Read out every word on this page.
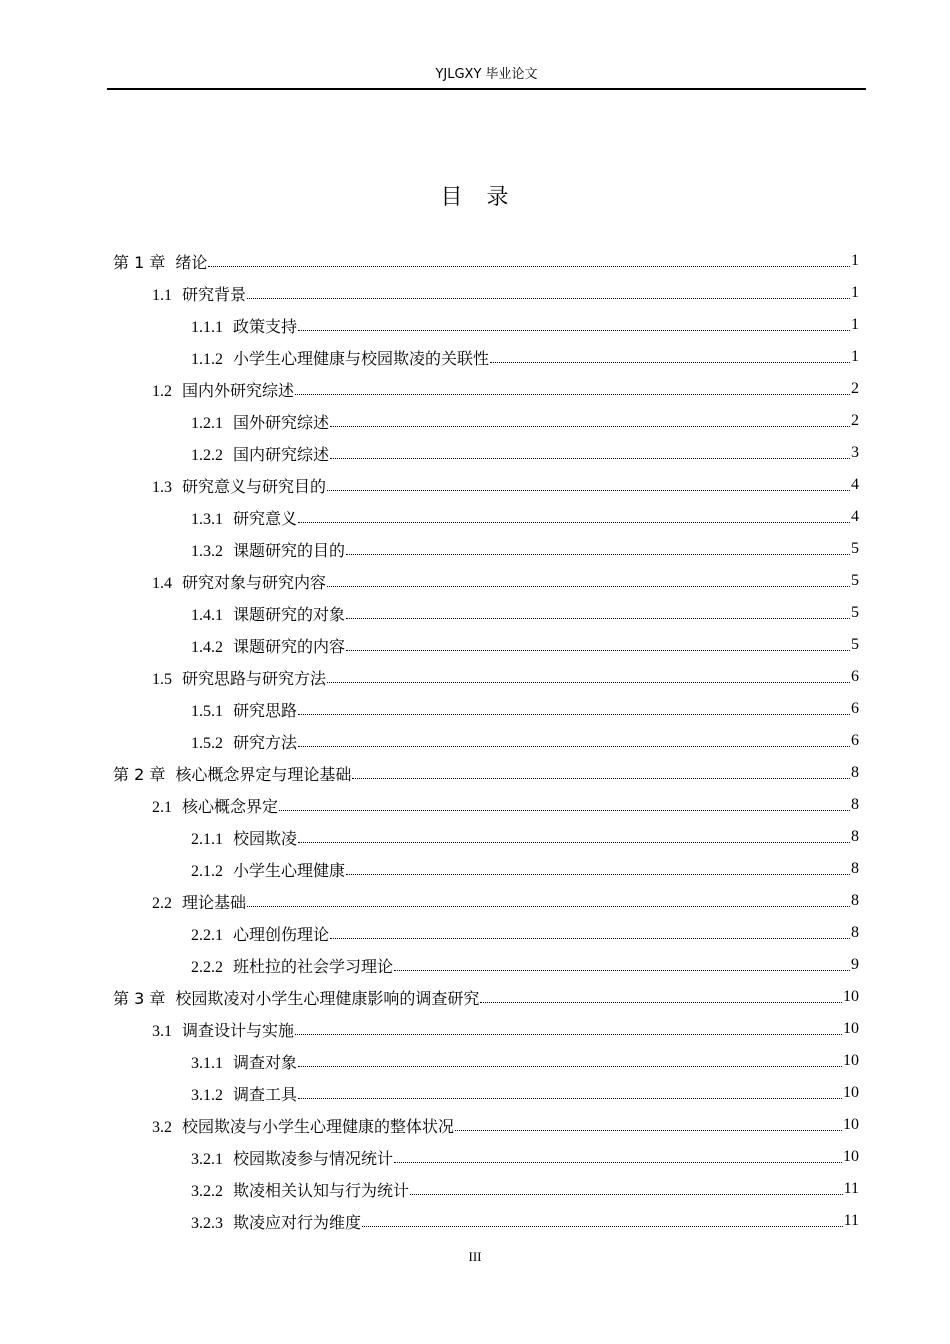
YJLGXY 毕业论文
目　录
第 1 章 绪论	1
1.1 研究背景	1
1.1.1 政策支持	1
1.1.2 小学生心理健康与校园欺凌的关联性	1
1.2 国内外研究综述	2
1.2.1 国外研究综述	2
1.2.2 国内研究综述	3
1.3 研究意义与研究目的	4
1.3.1 研究意义	4
1.3.2 课题研究的目的	5
1.4 研究对象与研究内容	5
1.4.1 课题研究的对象	5
1.4.2 课题研究的内容	5
1.5 研究思路与研究方法	6
1.5.1 研究思路	6
1.5.2 研究方法	6
第 2 章 核心概念界定与理论基础	8
2.1 核心概念界定	8
2.1.1 校园欺凌	8
2.1.2 小学生心理健康	8
2.2 理论基础	8
2.2.1 心理创伤理论	8
2.2.2 班杜拉的社会学习理论	9
第 3 章 校园欺凌对小学生心理健康影响的调查研究	10
3.1 调查设计与实施	10
3.1.1 调查对象	10
3.1.2 调查工具	10
3.2 校园欺凌与小学生心理健康的整体状况	10
3.2.1 校园欺凌参与情况统计	10
3.2.2 欺凌相关认知与行为统计	11
3.2.3 欺凌应对行为维度	11
III
